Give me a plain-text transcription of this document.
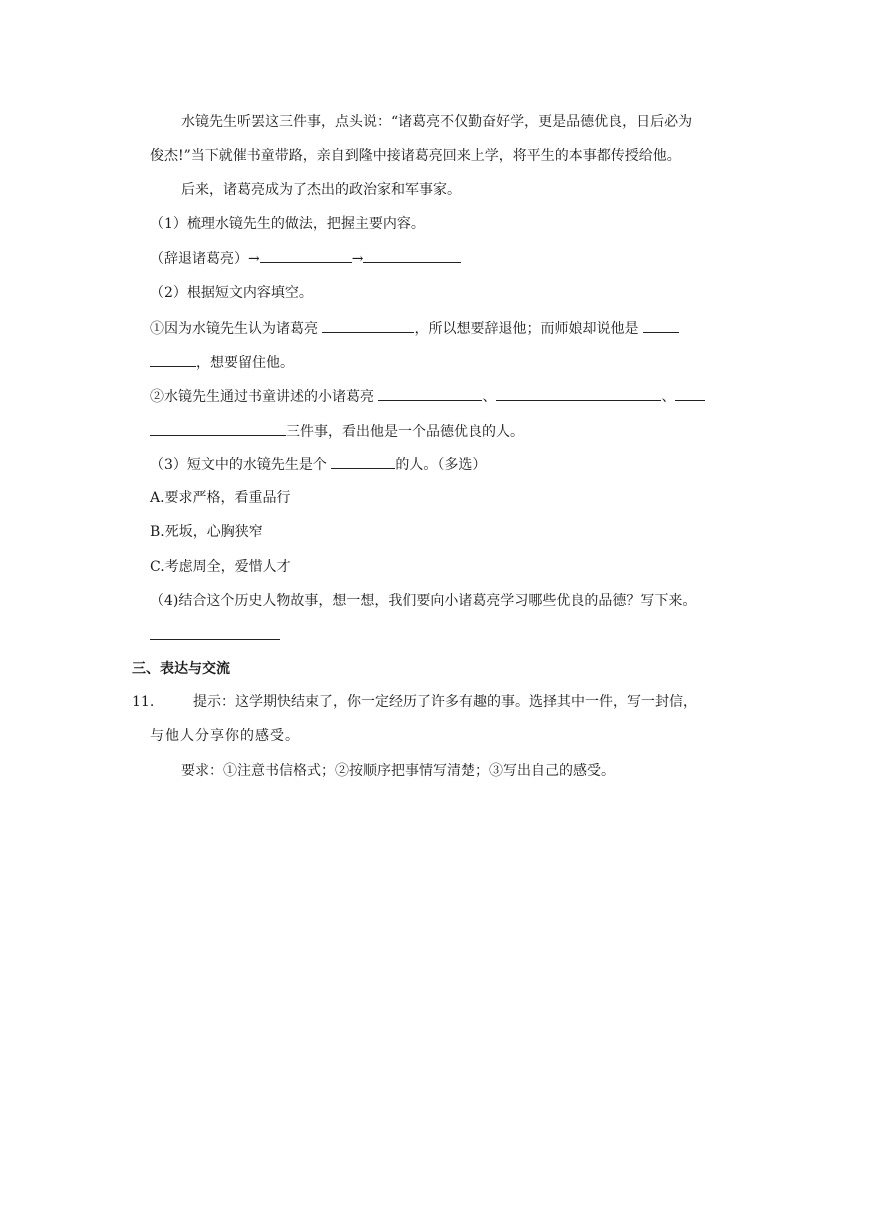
水镜先生听罢这三件事，点头说：“诸葛亮不仅勤奋好学，更是品德优良，日后必为
俊杰!”当下就催书童带路，亲自到隆中接诸葛亮回来上学，将平生的本事都传授给他。
后来，诸葛亮成为了杰出的政治家和军事家。
（1）梳理水镜先生的做法，把握主要内容。
（辞退诸葛亮）→	→
（2）根据短文内容填空。
①因为水镜先生认为诸葛亮	，所以想要辞退他；而师娘却说他是
，想要留住他。
②水镜先生通过书童讲述的小诸葛亮	、	、
三件事，看出他是一个品德优良的人。
（3）短文中的水镜先生是个	的人。（多选）
A.要求严格，看重品行
B.死坂，心胸狭窄
C.考虑周全，爱惜人才
（4)结合这个历史人物故事，想一想，我们要向小诸葛亮学习哪些优良的品德？写下来。
三、表达与交流
11.	提示：这学期快结束了，你一定经历了许多有趣的事。选择其中一件，写一封信，
与他人分享你的感受。
要求：①注意书信格式；②按顺序把事情写清楚；③写出自己的感受。
